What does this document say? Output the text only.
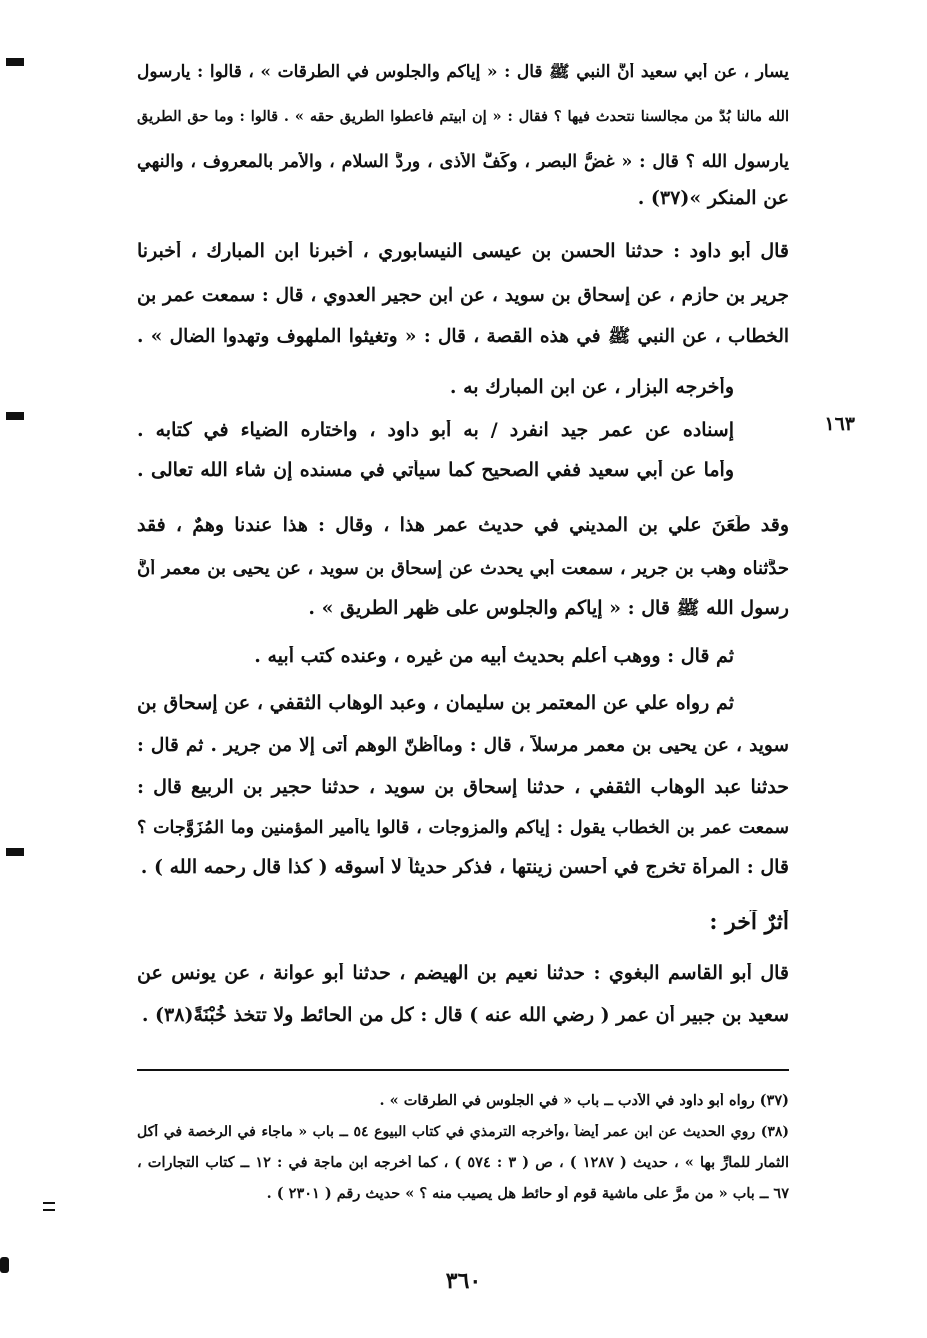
١٦٣
يسار ، عن أبي سعيد أنَّ النبي ﷺ قال : « إياكم والجلوس في الطرقات » ، قالوا : يارسول
الله مالنا بُدٌّ من مجالسنا نتحدث فيها ؟ فقال : « إن أبيتم فأعطوا الطريق حقه » . قالوا : وما حق الطريق
يارسول الله ؟ قال : « غضُّ البصر ، وكَفُّ الأذى ، وردُّ السلام ، والأمر بالمعروف ، والنهي
عن المنكر »(٣٧) .
قال أبو داود : حدثنا الحسن بن عيسى النيسابوري ، أخبرنا ابن المبارك ، أخبرنا
جرير بن حازم ، عن إسحاق بن سويد ، عن ابن حجير العدوي ، قال : سمعت عمر بن
الخطاب ، عن النبي ﷺ في هذه القصة ، قال : « وتغيثوا الملهوف وتهدوا الضال » .
وأخرجه البزار ، عن ابن المبارك به .
إسناده عن عمر جيد انفرد / به أبو داود ، واختاره الضياء في كتابه .
وأما عن أبي سعيد ففي الصحيح كما سيأتي في مسنده إن شاء الله تعالى .
وقد طَعَنَ علي بن المديني في حديث عمر هذا ، وقال : هذا عندنا وهمٌ ، فقد
حدَّثناه وهب بن جرير ، سمعت أبي يحدث عن إسحاق بن سويد ، عن يحيى بن معمر أنَّ
رسول الله ﷺ قال : « إياكم والجلوس على ظهر الطريق » .
ثم قال : ووهب أعلم بحديث أبيه من غيره ، وعنده كتب أبيه .
ثم رواه علي عن المعتمر بن سليمان ، وعبد الوهاب الثقفي ، عن إسحاق بن
سويد ، عن يحيى بن معمر مرسلاً ، قال : وماأظنّ الوهم أتى إلا من جرير . ثم قال :
حدثنا عبد الوهاب الثقفي ، حدثنا إسحاق بن سويد ، حدثنا حجير بن الربيع قال :
سمعت عمر بن الخطاب يقول : إياكم والمزوجات ، قالوا ياأمير المؤمنين وما المُزَوَّجات ؟
قال : المرأة تخرج في أحسن زينتها ، فذكر حديثاً لا أسوقه ( كذا قال رحمه الله ) .
أثرٌ آخر :
قال أبو القاسم البغوي : حدثنا نعيم بن الهيضم ، حدثنا أبو عوانة ، عن يونس عن
سعيد بن جبير أن عمر ( رضي الله عنه ) قال : كل من الحائط ولا تتخذ خُبْنَةً(٣٨) .
(٣٧) رواه أبو داود في الأدب ــ باب « في الجلوس في الطرقات » .
(٣٨) روي الحديث عن ابن عمر أيضاً ،وأخرجه الترمذي في كتاب البيوع ٥٤ ــ باب « ماجاء في الرخصة في أكل
الثمار للمارِّ بها » ، حديث ( ١٢٨٧ ) ، ص ( ٣ : ٥٧٤ ) ، كما أخرجه ابن ماجة في : ١٢ ــ كتاب التجارات ،
٦٧ ــ باب « من مرَّ على ماشية قوم أو حائط هل يصيب منه ؟ » حديث رقم ( ٢٣٠١ ) .
٣٦٠
